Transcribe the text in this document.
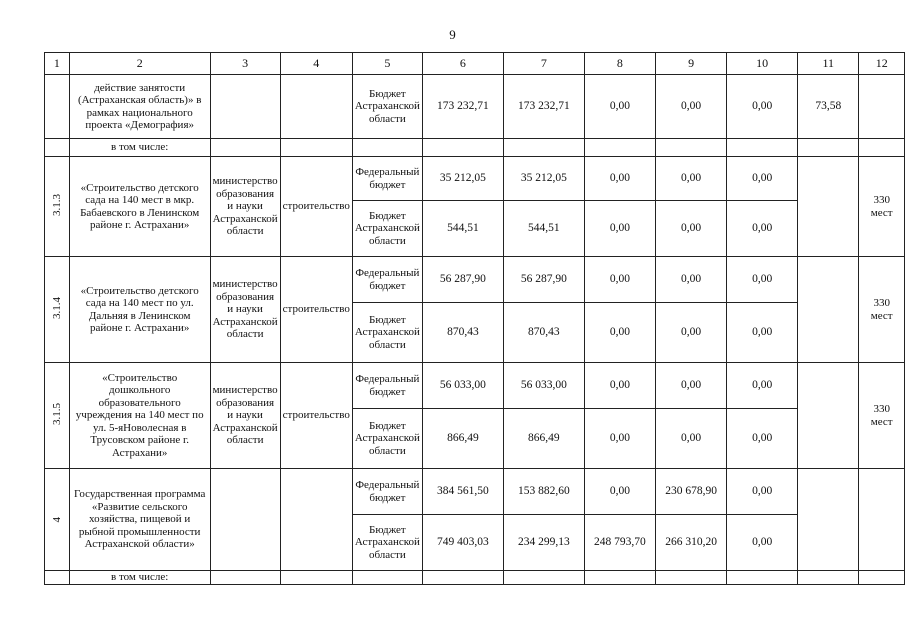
9
1	2	3	4	5	6	7	8	9	10	11	12
	действие занятости (Астраханская область)» в рамках национального проекта «Демография»			Бюджет Астраханской области	173 232,71	173 232,71	0,00	0,00	0,00	73,58	
	в том числе:										
3.1.3	«Строительство детского сада на 140 мест в мкр. Бабаевского в Ленинском районе г. Астрахани»	министерство образования и науки Астраханской области	строительство	Федеральный бюджет	35 212,05	35 212,05	0,00	0,00	0,00		330 мест
				Бюджет Астраханской области	544,51	544,51	0,00	0,00	0,00		
3.1.4	«Строительство детского сада на 140 мест по ул. Дальняя в Ленинском районе г. Астрахани»	министерство образования и науки Астраханской области	строительство	Федеральный бюджет	56 287,90	56 287,90	0,00	0,00	0,00		330 мест
				Бюджет Астраханской области	870,43	870,43	0,00	0,00	0,00		
3.1.5	«Строительство дошкольного образовательного учреждения на 140 мест по ул. 5-яНоволесная в Трусовском районе г. Астрахани»	министерство образования и науки Астраханской области	строительство	Федеральный бюджет	56 033,00	56 033,00	0,00	0,00	0,00		330 мест
				Бюджет Астраханской области	866,49	866,49	0,00	0,00	0,00		
4	Государственная программа «Развитие сельского хозяйства, пищевой и рыбной промышленности Астраханской области»			Федеральный бюджет	384 561,50	153 882,60	0,00	230 678,90	0,00		
				Бюджет Астраханской области	749 403,03	234 299,13	248 793,70	266 310,20	0,00		
	в том числе:										
